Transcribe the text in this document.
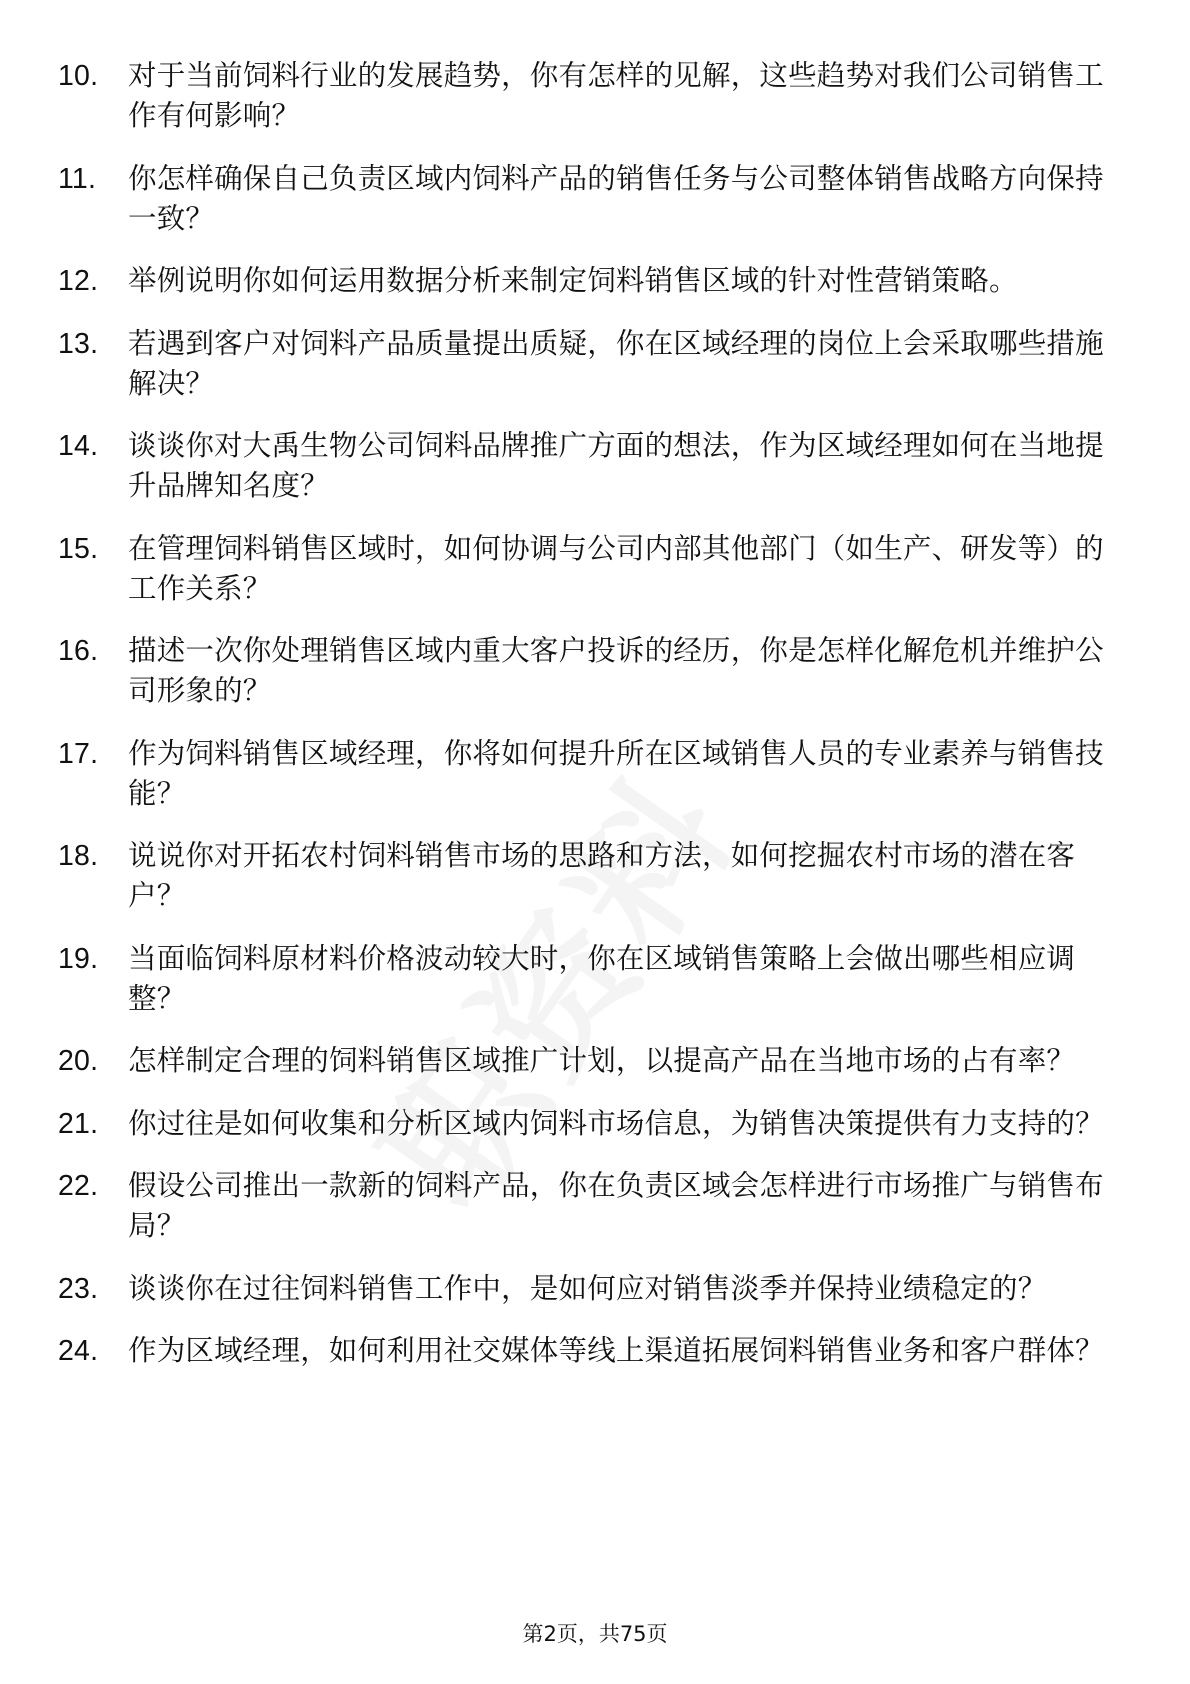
10.	对于当前饲料行业的发展趋势，你有怎样的见解，这些趋势对我们公司销售工作有何影响？
11.	你怎样确保自己负责区域内饲料产品的销售任务与公司整体销售战略方向保持一致？
12.	举例说明你如何运用数据分析来制定饲料销售区域的针对性营销策略。
13.	若遇到客户对饲料产品质量提出质疑，你在区域经理的岗位上会采取哪些措施解决？
14.	谈谈你对大禹生物公司饲料品牌推广方面的想法，作为区域经理如何在当地提升品牌知名度？
15.	在管理饲料销售区域时，如何协调与公司内部其他部门（如生产、研发等）的工作关系？
16.	描述一次你处理销售区域内重大客户投诉的经历，你是怎样化解危机并维护公司形象的？
17.	作为饲料销售区域经理，你将如何提升所在区域销售人员的专业素养与销售技能？
18.	说说你对开拓农村饲料销售市场的思路和方法，如何挖掘农村市场的潜在客户？
19.	当面临饲料原材料价格波动较大时，你在区域销售策略上会做出哪些相应调整？
20.	怎样制定合理的饲料销售区域推广计划，以提高产品在当地市场的占有率？
21.	你过往是如何收集和分析区域内饲料市场信息，为销售决策提供有力支持的？
22.	假设公司推出一款新的饲料产品，你在负责区域会怎样进行市场推广与销售布局？
23.	谈谈你在过往饲料销售工作中，是如何应对销售淡季并保持业绩稳定的？
24.	作为区域经理，如何利用社交媒体等线上渠道拓展饲料销售业务和客户群体？
第2页，共75页
